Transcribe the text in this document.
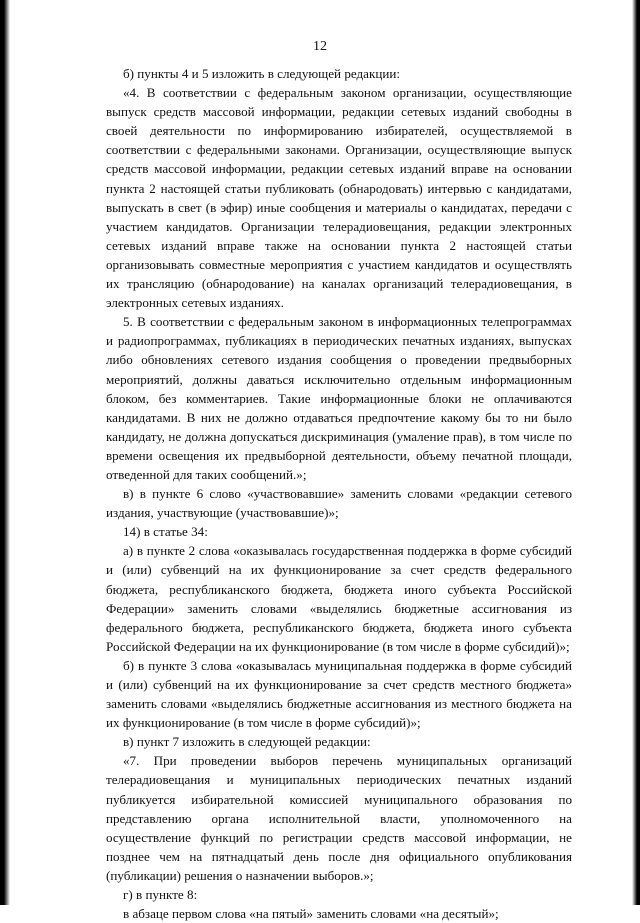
12

б) пункты 4 и 5 изложить в следующей редакции:

«4. В соответствии с федеральным законом организации, осуществляющие выпуск средств массовой информации, редакции сетевых изданий свободны в своей деятельности по информированию избирателей, осуществляемой в соответствии с федеральными законами. Организации, осуществляющие выпуск средств массовой информации, редакции сетевых изданий вправе на основании пункта 2 настоящей статьи публиковать (обнародовать) интервью с кандидатами, выпускать в свет (в эфир) иные сообщения и материалы о кандидатах, передачи с участием кандидатов. Организации телерадиовещания, редакции электронных сетевых изданий вправе также на основании пункта 2 настоящей статьи организовывать совместные мероприятия с участием кандидатов и осуществлять их трансляцию (обнародование) на каналах организаций телерадиовещания, в электронных сетевых изданиях.

5. В соответствии с федеральным законом в информационных телепрограммах и радиопрограммах, публикациях в периодических печатных изданиях, выпусках либо обновлениях сетевого издания сообщения о проведении предвыборных мероприятий, должны даваться исключительно отдельным информационным блоком, без комментариев. Такие информационные блоки не оплачиваются кандидатами. В них не должно отдаваться предпочтение какому бы то ни было кандидату, не должна допускаться дискриминация (умаление прав), в том числе по времени освещения их предвыборной деятельности, объему печатной площади, отведенной для таких сообщений.»;

в) в пункте 6 слово «участвовавшие» заменить словами «редакции сетевого издания, участвующие (участвовавшие)»;

14) в статье 34:

а) в пункте 2 слова «оказывалась государственная поддержка в форме субсидий и (или) субвенций на их функционирование за счет средств федерального бюджета, республиканского бюджета, бюджета иного субъекта Российской Федерации» заменить словами «выделялись бюджетные ассигнования из федерального бюджета, республиканского бюджета, бюджета иного субъекта Российской Федерации на их функционирование (в том числе в форме субсидий)»;

б) в пункте 3 слова «оказывалась муниципальная поддержка в форме субсидий и (или) субвенций на их функционирование за счет средств местного бюджета» заменить словами «выделялись бюджетные ассигнования из местного бюджета на их функционирование (в том числе в форме субсидий)»;

в) пункт 7 изложить в следующей редакции:

«7. При проведении выборов перечень муниципальных организаций телерадиовещания и муниципальных периодических печатных изданий публикуется избирательной комиссией муниципального образования по представлению органа исполнительной власти, уполномоченного на осуществление функций по регистрации средств массовой информации, не позднее чем на пятнадцатый день после дня официального опубликования (публикации) решения о назначении выборов.»;

г) в пункте 8:

в абзаце первом слова «на пятый» заменить словами «на десятый»;
